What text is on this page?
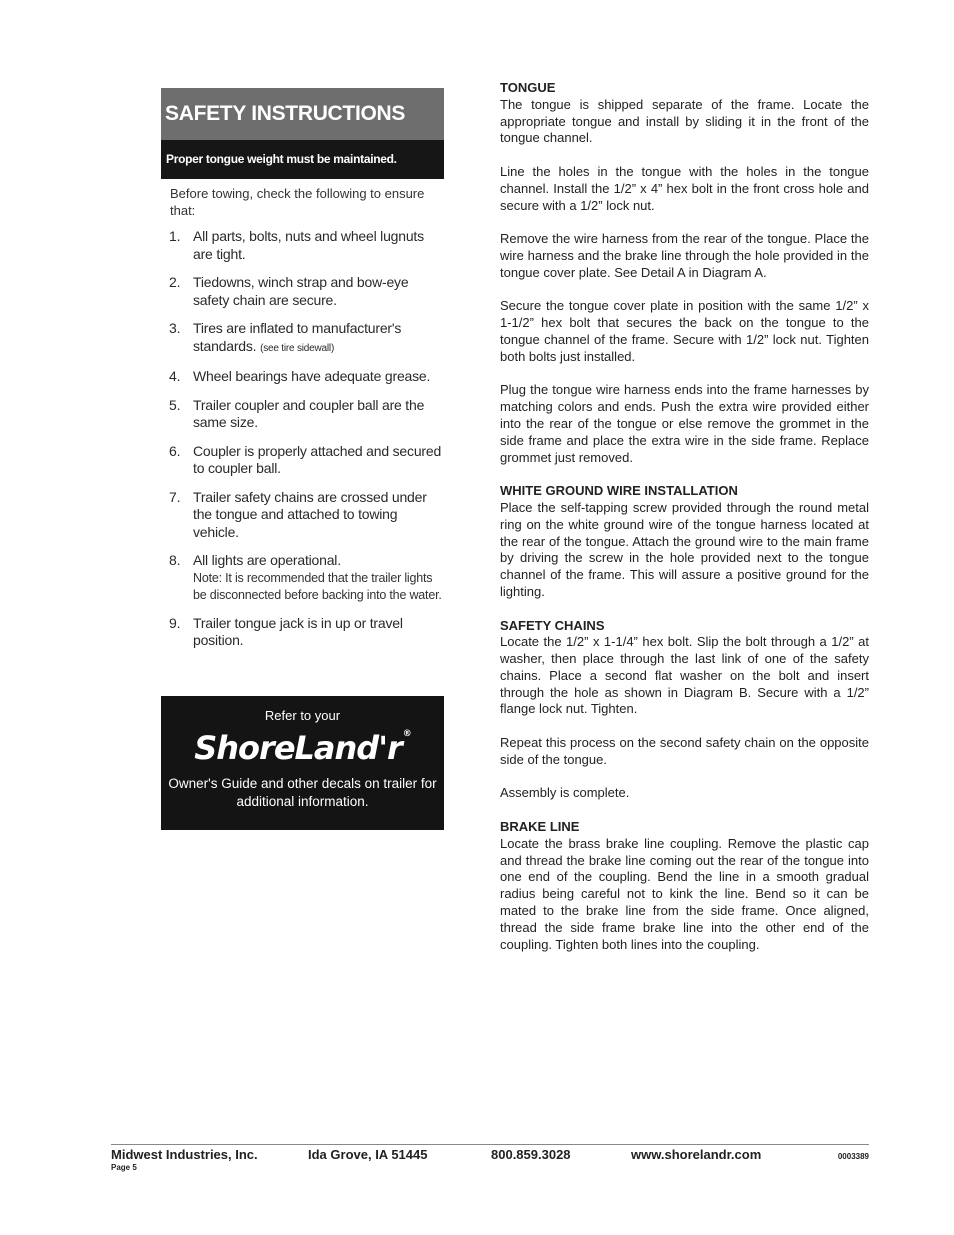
SAFETY INSTRUCTIONS
Proper tongue weight must be maintained.
Before towing, check the following to ensure that:
1. All parts, bolts, nuts and wheel lugnuts are tight.
2. Tiedowns, winch strap and bow-eye safety chain are secure.
3. Tires are inflated to manufacturer's standards. (see tire sidewall)
4. Wheel bearings have adequate grease.
5. Trailer coupler and coupler ball are the same size.
6. Coupler is properly attached and secured to coupler ball.
7. Trailer safety chains are crossed under the tongue and attached to towing vehicle.
8. All lights are operational.
Note: It is recommended that the trailer lights be disconnected before backing into the water.
9. Trailer tongue jack is in up or travel position.
Refer to your
ShoreLand'r®
Owner's Guide and other decals on trailer for additional information.
TONGUE

The tongue is shipped separate of the frame. Locate the appropriate tongue and install by sliding it in the front of the tongue channel.

Line the holes in the tongue with the holes in the tongue channel. Install the 1/2” x 4” hex bolt in the front cross hole and secure with a 1/2” lock nut.

Remove the wire harness from the rear of the tongue. Place the wire harness and the brake line through the hole provided in the tongue cover plate. See Detail A in Diagram A.

Secure the tongue cover plate in position with the same 1/2” x 1-1/2” hex bolt that secures the back on the tongue to the tongue channel of the frame. Secure with 1/2” lock nut. Tighten both bolts just installed.

Plug the tongue wire harness ends into the frame harnesses by matching colors and ends. Push the extra wire provided either into the rear of the tongue or else remove the grommet in the side frame and place the extra wire in the side frame. Replace grommet just removed.

WHITE GROUND WIRE INSTALLATION

Place the self-tapping screw provided through the round metal ring on the white ground wire of the tongue harness located at the rear of the tongue. Attach the ground wire to the main frame by driving the screw in the hole provided next to the tongue channel of the frame. This will assure a positive ground for the lighting.

SAFETY CHAINS

Locate the 1/2” x 1-1/4” hex bolt. Slip the bolt through a 1/2” at washer, then place through the last link of one of the safety chains. Place a second flat washer on the bolt and insert through the hole as shown in Diagram B. Secure with a 1/2” flange lock nut. Tighten.

Repeat this process on the second safety chain on the opposite side of the tongue.

Assembly is complete.

BRAKE LINE

Locate the brass brake line coupling. Remove the plastic cap and thread the brake line coming out the rear of the tongue into one end of the coupling. Bend the line in a smooth gradual radius being careful not to kink the line. Bend so it can be mated to the brake line from the side frame. Once aligned, thread the side frame brake line into the other end of the coupling. Tighten both lines into the coupling.

Midwest Industries, Inc.	Ida Grove, IA 51445	800.859.3028	www.shorelandr.com	0003389
Page 5
